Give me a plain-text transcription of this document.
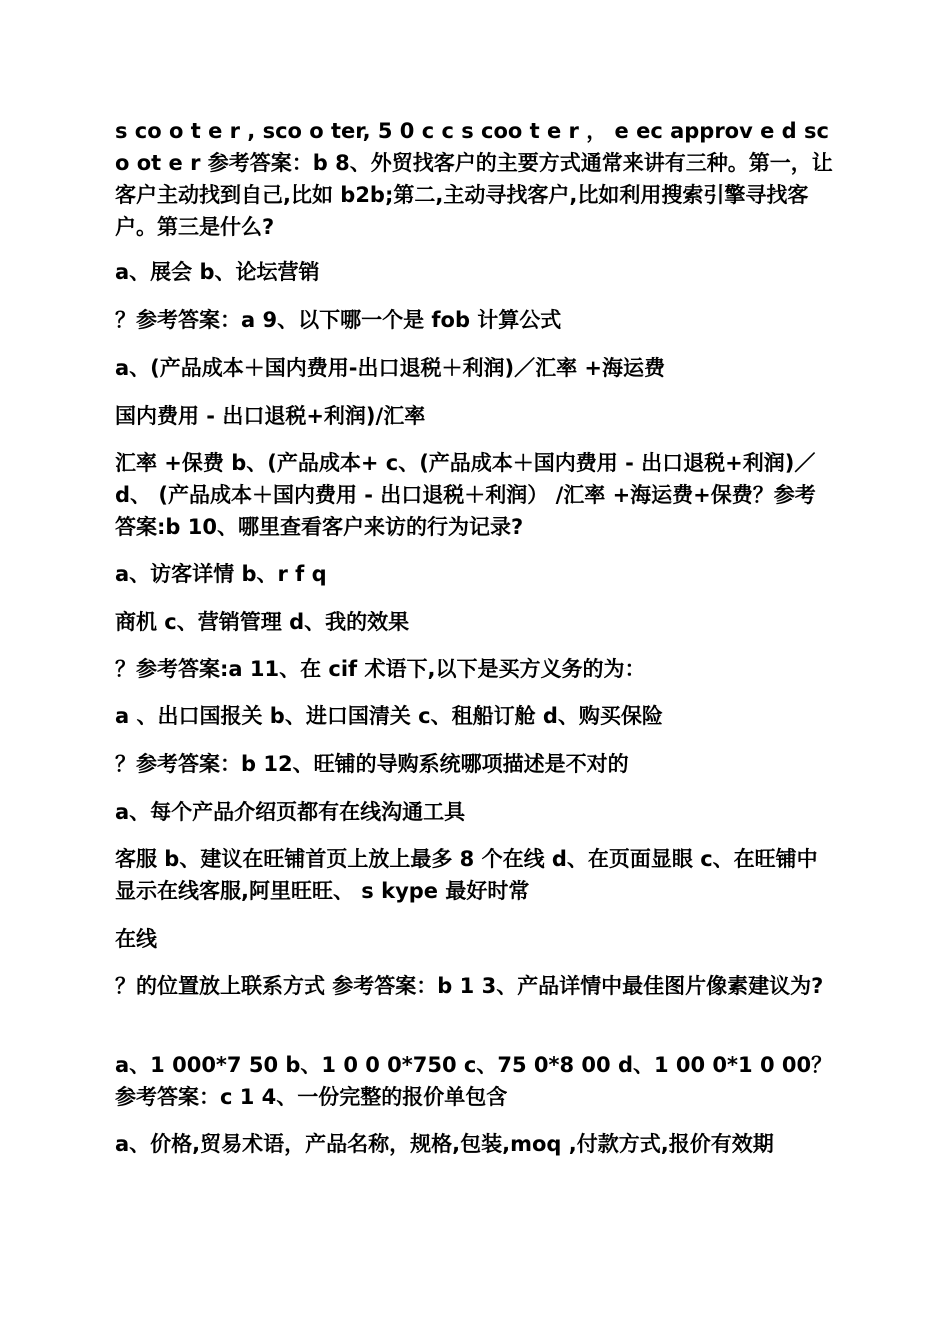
s co o t e r , sco o ter, 5 0 c c s coo t e r ， e ec approv e d sc o ot e r 参考答案：b 8、外贸找客户的主要方式通常来讲有三种。第一，让客户主动找到自己,比如 b2b;第二,主动寻找客户,比如利用搜索引擎寻找客户。第三是什么?
a、展会 b、论坛营销
？参考答案：a 9、以下哪一个是 fob 计算公式
a、(产品成本＋国内费用-出口退税＋利润)／汇率 +海运费
国内费用 - 出口退税+利润)/汇率
汇率 +保费 b、(产品成本+ c、(产品成本＋国内费用 - 出口退税+利润)／ d、 (产品成本＋国内费用 - 出口退税＋利润） /汇率 +海运费+保费？参考答案:b 10、哪里查看客户来访的行为记录?
a、访客详情 b、r f q
商机 c、营销管理 d、我的效果
？参考答案:a 11、在 cif 术语下,以下是买方义务的为：
a 、出口国报关 b、进口国清关 c、租船订舱 d、购买保险
？参考答案：b 12、旺铺的导购系统哪项描述是不对的
a、每个产品介绍页都有在线沟通工具
客服 b、建议在旺铺首页上放上最多 8 个在线 d、在页面显眼 c、在旺铺中显示在线客服,阿里旺旺、 s kype 最好时常
在线
？的位置放上联系方式 参考答案：b 1 3、产品详情中最佳图片像素建议为?
a、1 000*7 50 b、1 0 0 0*750 c、75 0*8 00 d、1 00 0*1 0 00？参考答案：c 1 4、一份完整的报价单包含
a、价格,贸易术语，产品名称，规格,包装,moq ,付款方式,报价有效期
